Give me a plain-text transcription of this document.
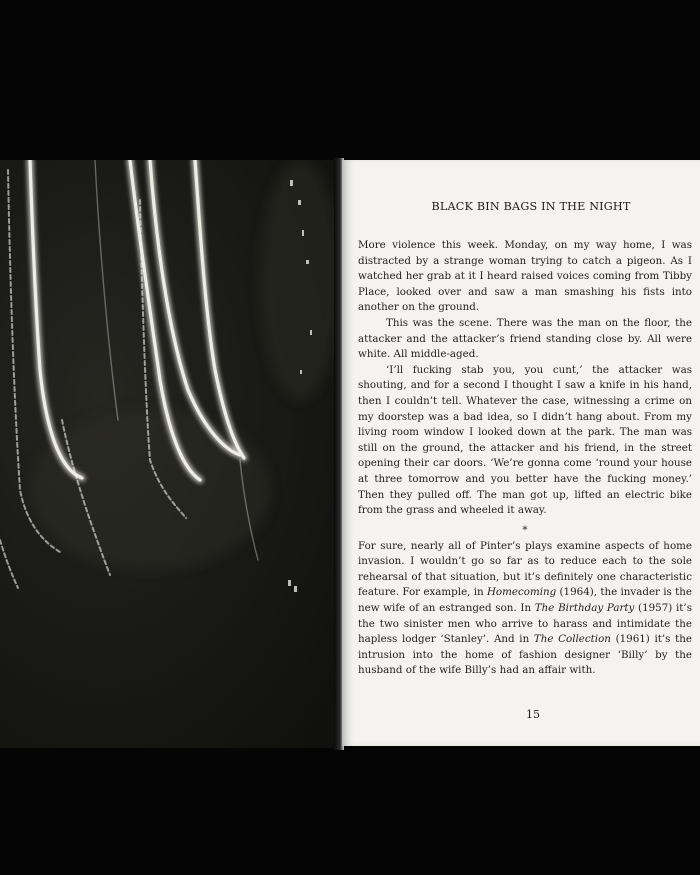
BLACK BIN BAGS IN THE NIGHT

More violence this week. Monday, on my way home, I was distracted by a strange woman trying to catch a pigeon. As I watched her grab at it I heard raised voices coming from Tibby Place, looked over and saw a man smashing his fists into another on the ground.

This was the scene. There was the man on the floor, the attacker and the attacker’s friend standing close by. All were white. All middle-aged.

‘I’ll fucking stab you, you cunt,’ the attacker was shouting, and for a second I thought I saw a knife in his hand, then I couldn’t tell. Whatever the case, witnessing a crime on my doorstep was a bad idea, so I didn’t hang about. From my living room window I looked down at the park. The man was still on the ground, the attacker and his friend, in the street opening their car doors. ‘We’re gonna come ‘round your house at three tomorrow and you better have the fucking money.’ Then they pulled off. The man got up, lifted an electric bike from the grass and wheeled it away.

*

For sure, nearly all of Pinter’s plays examine aspects of home invasion. I wouldn’t go so far as to reduce each to the sole rehearsal of that situation, but it’s definitely one characteristic feature. For example, in Homecoming (1964), the invader is the new wife of an estranged son. In The Birthday Party (1957) it’s the two sinister men who arrive to harass and intimidate the hapless lodger ‘Stanley’. And in The Collection (1961) it’s the intrusion into the home of fashion designer ‘Billy’ by the husband of the wife Billy’s had an affair with.

15
